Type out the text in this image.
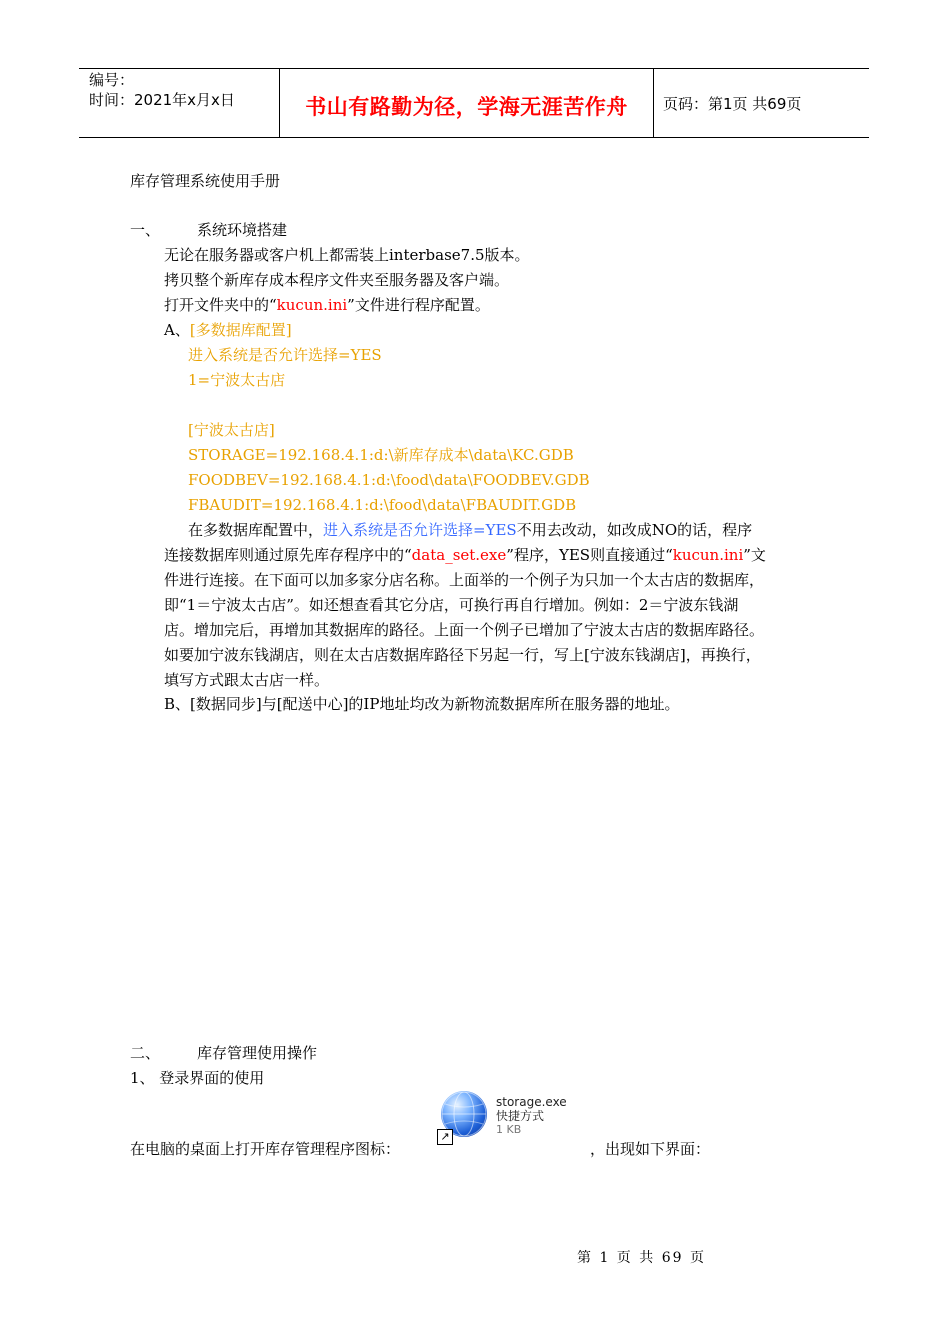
编号：
时间：2021年x月x日	书山有路勤为径，学海无涯苦作舟	页码：第1页 共69页
库存管理系统使用手册
一、 系统环境搭建
无论在服务器或客户机上都需装上interbase7.5版本。
拷贝整个新库存成本程序文件夹至服务器及客户端。
打开文件夹中的“kucun.ini”文件进行程序配置。
A、[多数据库配置]
进入系统是否允许选择=YES
1=宁波太古店
[宁波太古店]
STORAGE=192.168.4.1:d:\新库存成本\data\KC.GDB
FOODBEV=192.168.4.1:d:\food\data\FOODBEV.GDB
FBAUDIT=192.168.4.1:d:\food\data\FBAUDIT.GDB
在多数据库配置中，进入系统是否允许选择=YES不用去改动，如改成NO的话，程序
连接数据库则通过原先库存程序中的“data_set.exe”程序，YES则直接通过“kucun.ini”文
件进行连接。在下面可以加多家分店名称。上面举的一个例子为只加一个太古店的数据库，
即“1＝宁波太古店”。如还想查看其它分店，可换行再自行增加。例如：2＝宁波东钱湖
店。增加完后，再增加其数据库的路径。上面一个例子已增加了宁波太古店的数据库路径。
如要加宁波东钱湖店，则在太古店数据库路径下另起一行，写上[宁波东钱湖店]，再换行，
填写方式跟太古店一样。
B、[数据同步]与[配送中心]的IP地址均改为新物流数据库所在服务器的地址。
二、 库存管理使用操作
1、 登录界面的使用
在电脑的桌面上打开库存管理程序图标：
↗
storage.exe
快捷方式
1 KB
，出现如下界面：
第 1 页 共 69 页
